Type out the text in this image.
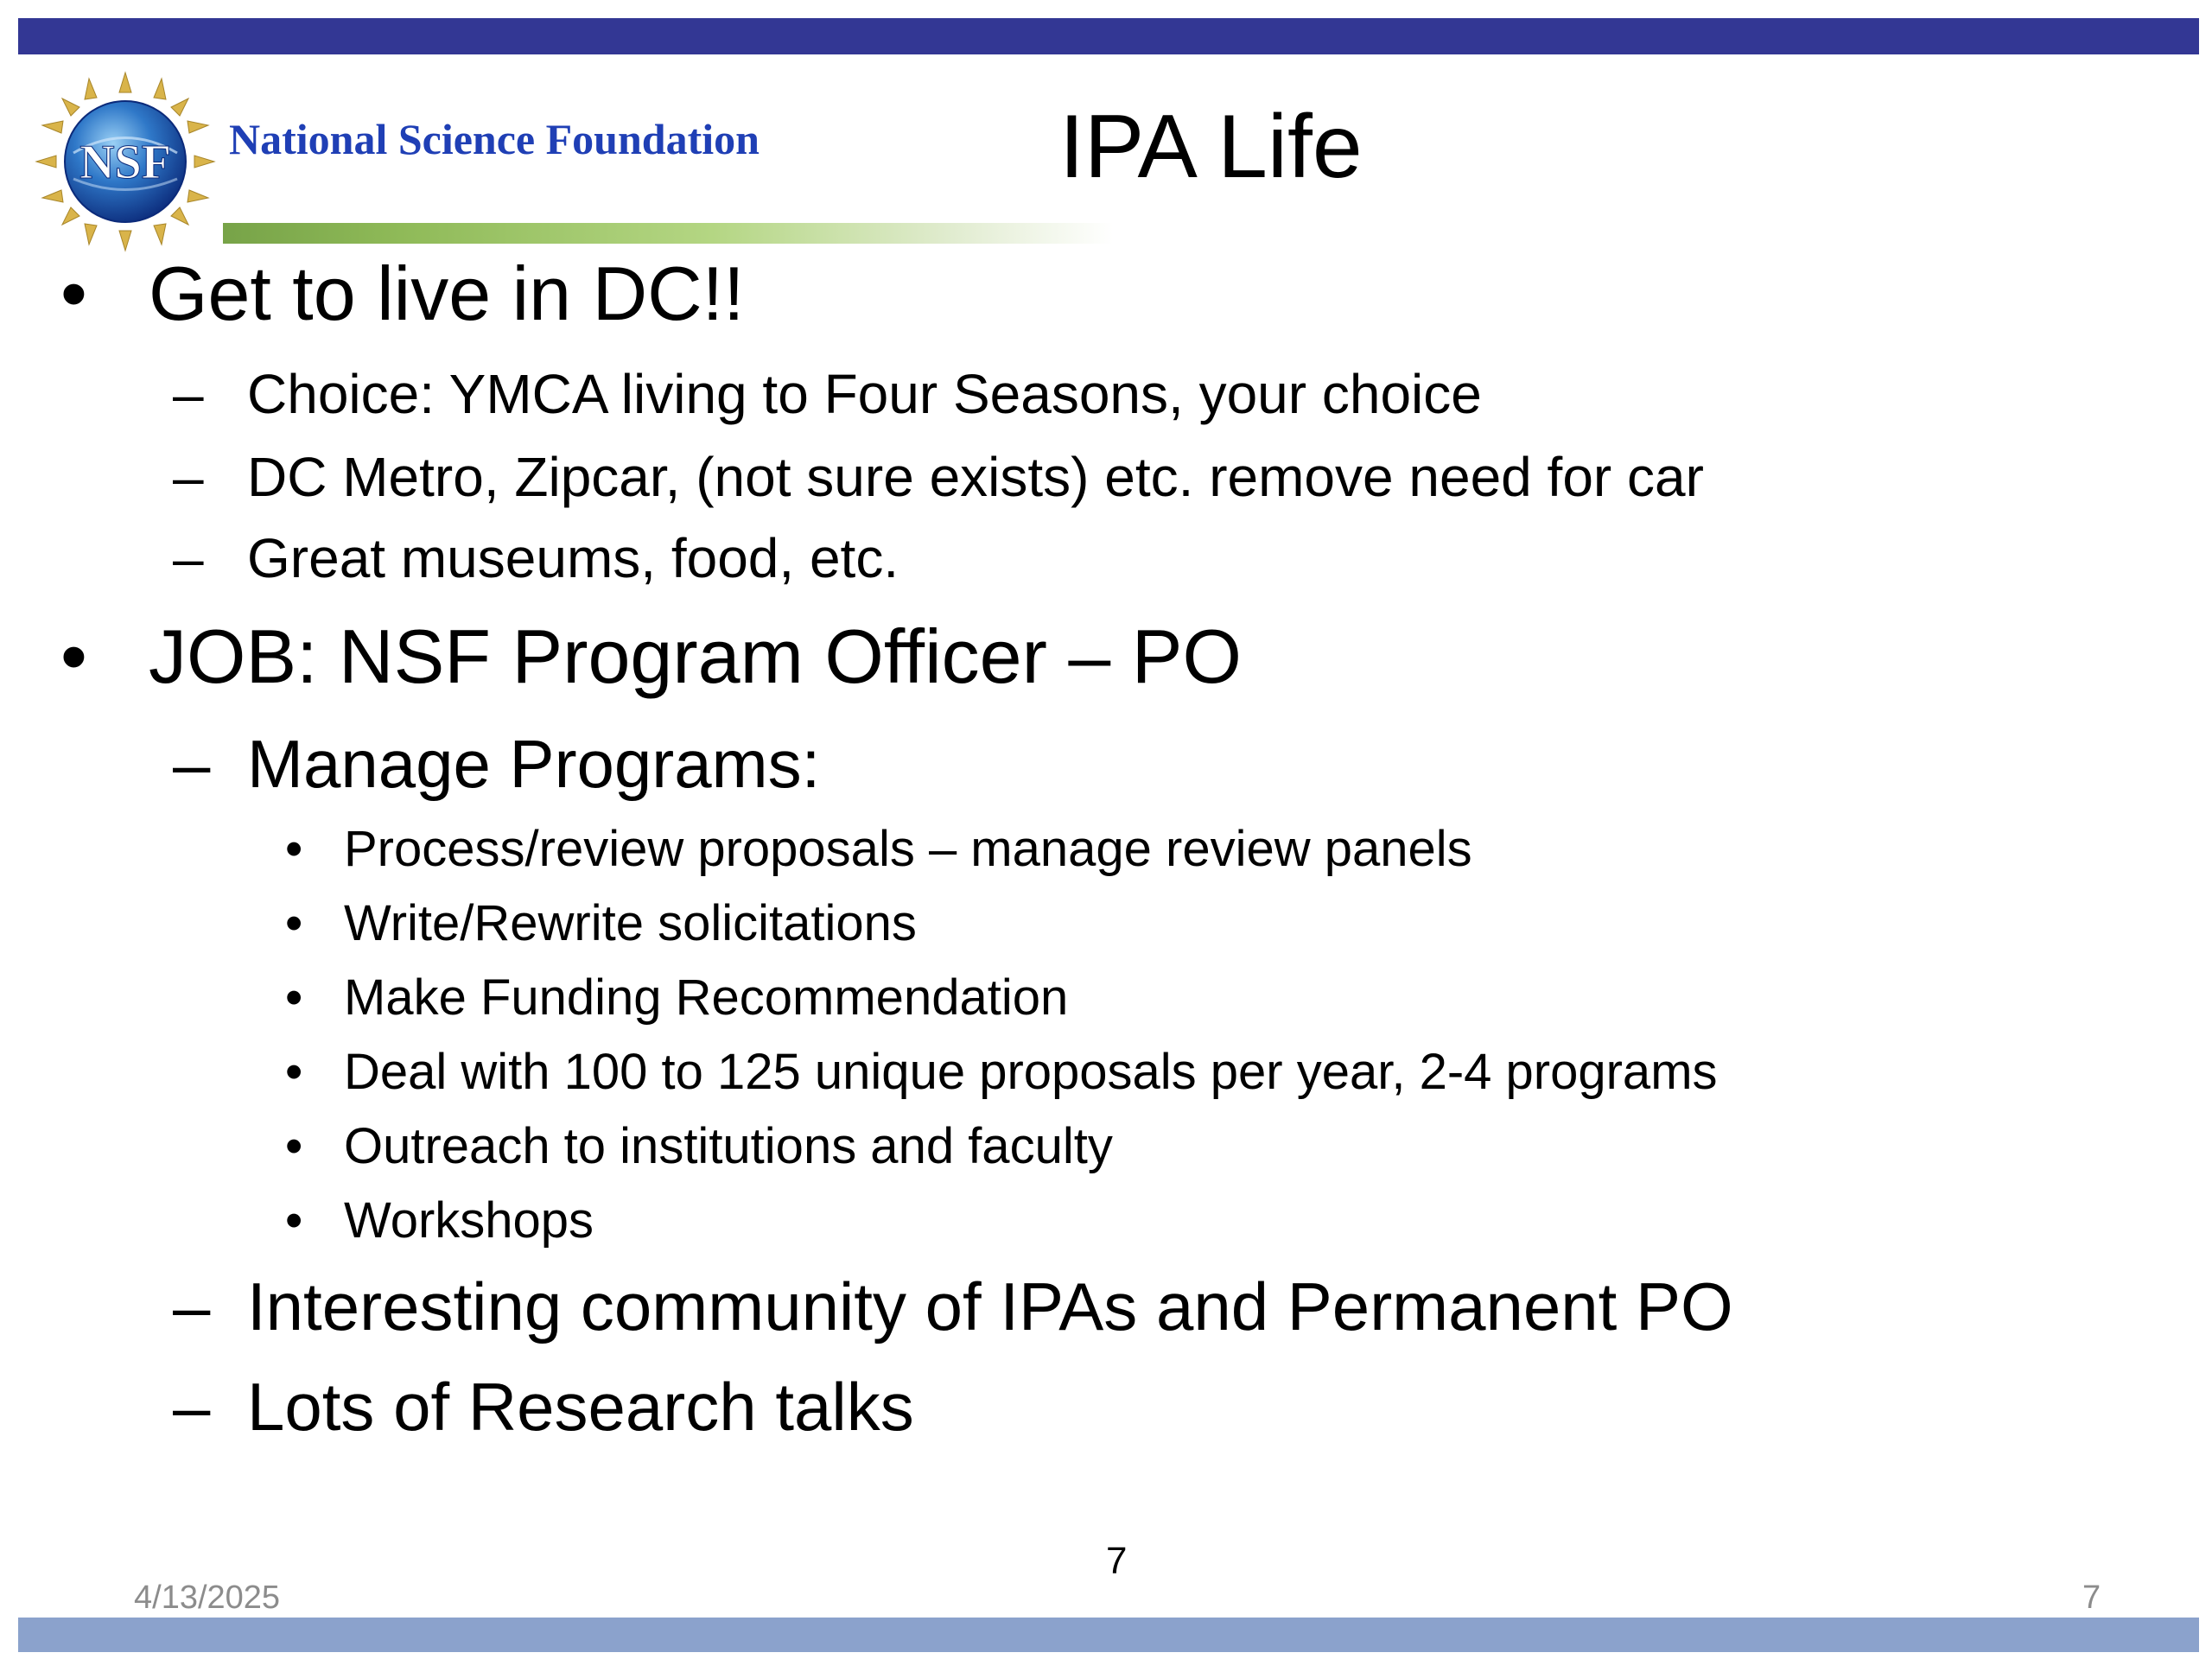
NSF National Science Foundation	IPA Life
• Get to live in DC!!
– Choice: YMCA living to Four Seasons, your choice
– DC Metro, Zipcar, (not sure exists) etc. remove need for car
– Great museums, food, etc.
• JOB: NSF Program Officer – PO
– Manage Programs:
• Process/review proposals – manage review panels
• Write/Rewrite solicitations
• Make Funding Recommendation
• Deal with 100 to 125 unique proposals per year, 2-4 programs
• Outreach to institutions and faculty
• Workshops
– Interesting community of IPAs and Permanent PO
– Lots of Research talks
4/13/2025
7
7
